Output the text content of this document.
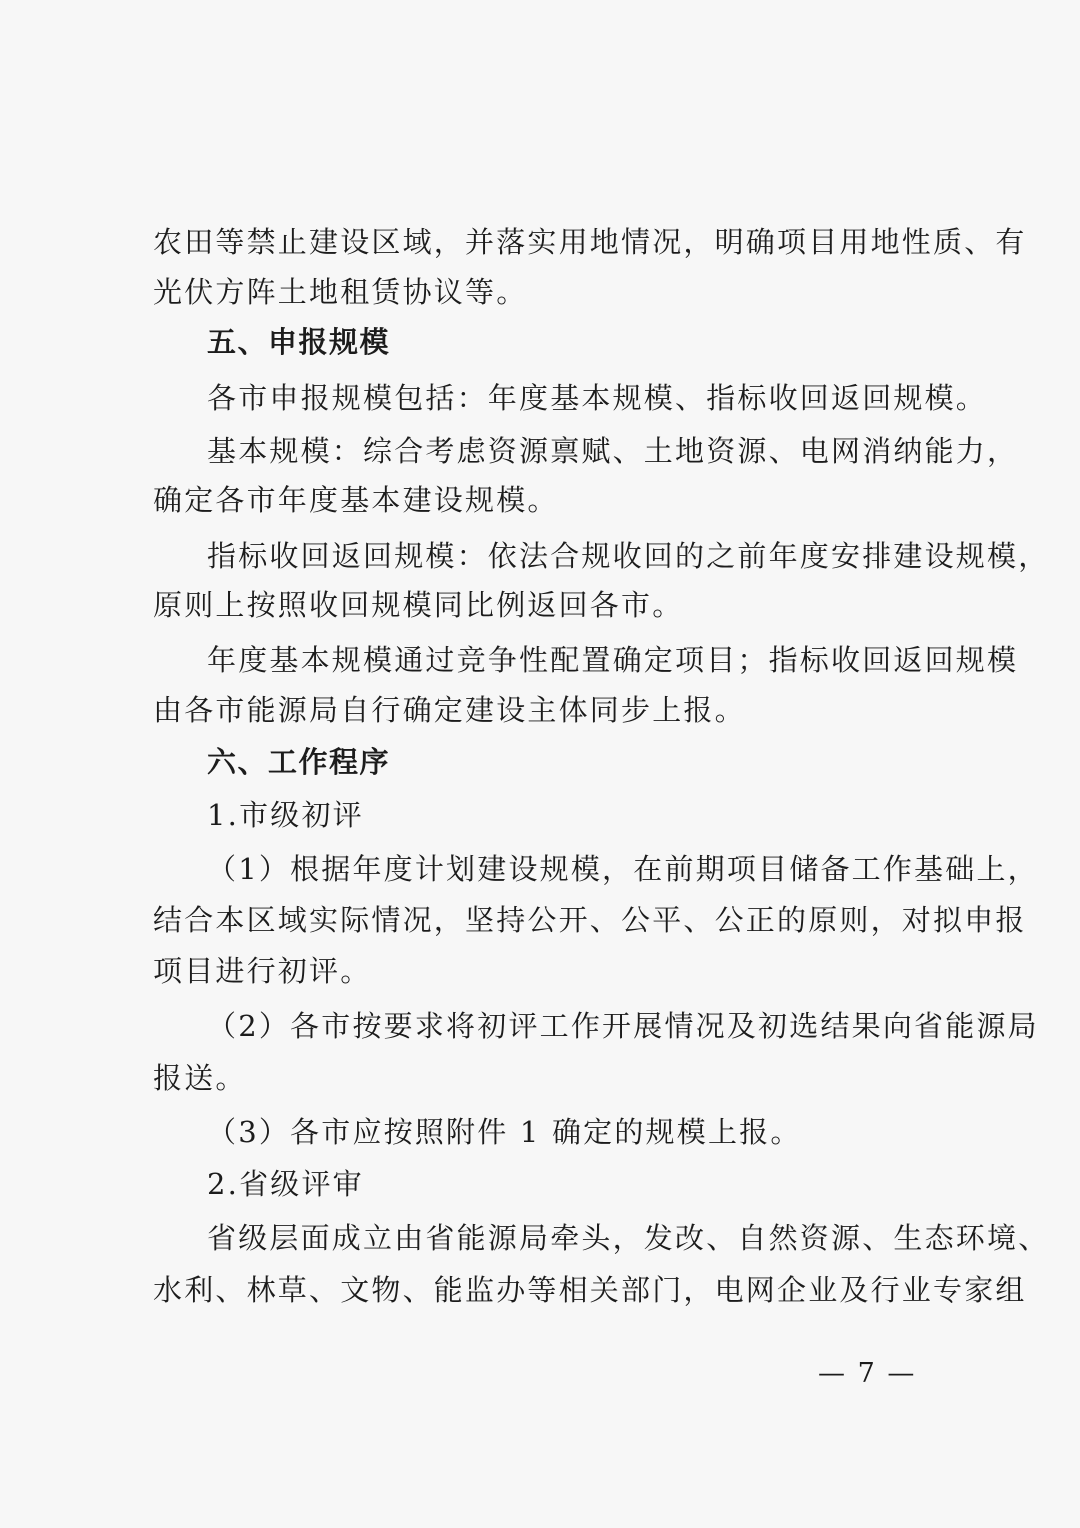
农田等禁止建设区域，并落实用地情况，明确项目用地性质、有
光伏方阵土地租赁协议等。
五、申报规模
各市申报规模包括：年度基本规模、指标收回返回规模。
基本规模：综合考虑资源禀赋、土地资源、电网消纳能力，
确定各市年度基本建设规模。
指标收回返回规模：依法合规收回的之前年度安排建设规模，
原则上按照收回规模同比例返回各市。
年度基本规模通过竞争性配置确定项目；指标收回返回规模
由各市能源局自行确定建设主体同步上报。
六、工作程序
1.市级初评
（1）根据年度计划建设规模，在前期项目储备工作基础上，
结合本区域实际情况，坚持公开、公平、公正的原则，对拟申报
项目进行初评。
（2）各市按要求将初评工作开展情况及初选结果向省能源局
报送。
（3）各市应按照附件 1 确定的规模上报。
2.省级评审
省级层面成立由省能源局牵头，发改、自然资源、生态环境、
水利、林草、文物、能监办等相关部门，电网企业及行业专家组
— 7 —
